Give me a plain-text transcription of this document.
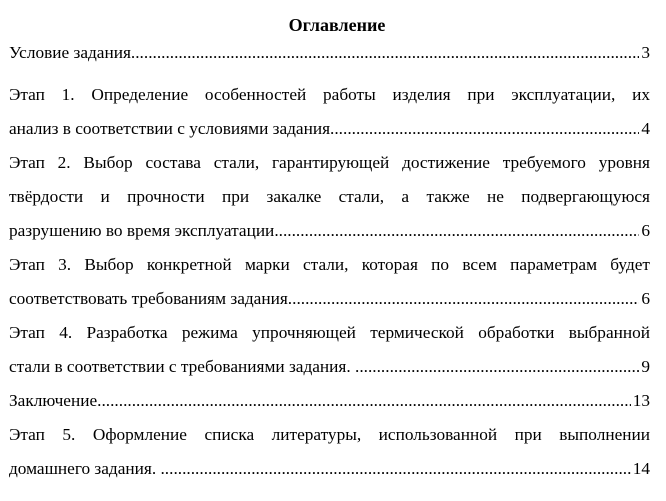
Оглавление
Условие задания .....	3
Этап 1. Определение особенностей работы изделия при эксплуатации, их
анализ в соответствии с условиями задания. .....	4
Этап 2. Выбор состава стали, гарантирующей достижение требуемого уровня
твёрдости и прочности при закалке стали, а также не подвергающуюся
разрушению во время эксплуатации .....	6
Этап 3. Выбор конкретной марки стали, которая по всем параметрам будет
соответствовать требованиям задания .....	6
Этап 4. Разработка режима упрочняющей термической обработки выбранной
стали в соответствии с требованиями задания. .....	9
Заключение .....	13
Этап 5. Оформление списка литературы, использованной при выполнении
домашнего задания. .....	14
